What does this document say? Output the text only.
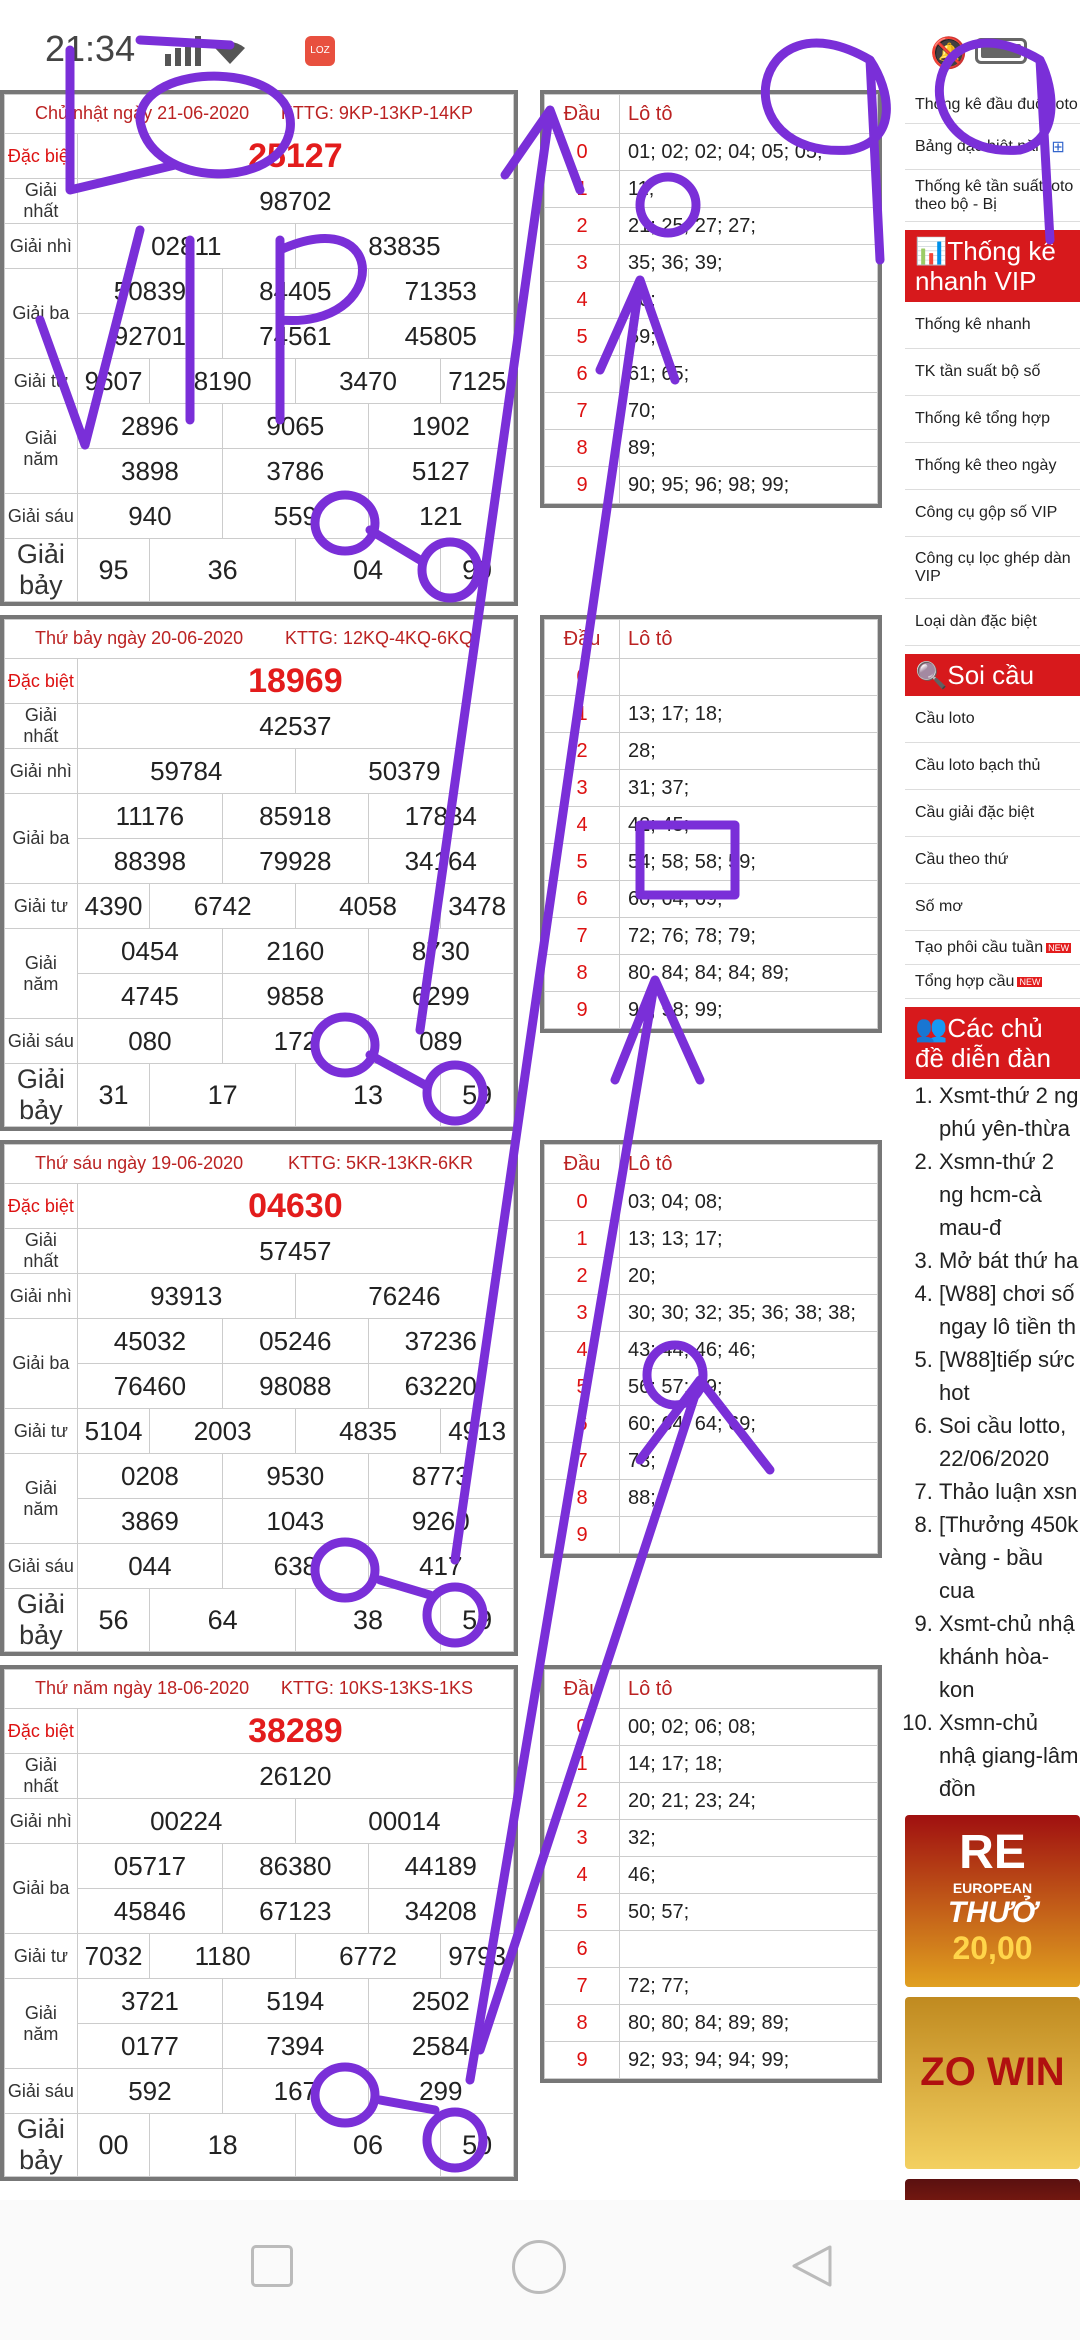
21:34	LOZ	🔕
Chủ nhật ngày 21-06-2020 KTTG: 9KP-13KP-14KP						

Đặc biệt	25127					
Giải nhất	98702					
Giải nhì	02811			83835		
Giải ba	50839		84405		71353	
	92701		74561		45805	
Giải tư	9607	8190		3470		7125
Giải năm	2896		9065		1902	
	3898		3786		5127	
Giải sáu	940		559		121	
Giải bảy	95	36		04		99
Thứ bảy ngày 20-06-2020 KTTG: 12KQ-4KQ-6KQ						

Đặc biệt	18969					
Giải nhất	42537					
Giải nhì	59784			50379		
Giải ba	11176		85918		17884	
	88398		79928		34164	
Giải tư	4390	6742		4058		3478
Giải năm	0454		2160		8730	
	4745		9858		6299	
Giải sáu	080		172		089	
Giải bảy	31	17		13		59
Thứ sáu ngày 19-06-2020 KTTG: 5KR-13KR-6KR						

Đặc biệt	04630					
Giải nhất	57457					
Giải nhì	93913			76246		
Giải ba	45032		05246		37236	
	76460		98088		63220	
Giải tư	5104	2003		4835		4913
Giải năm	0208		9530		8773	
	3869		1043		9260	
Giải sáu	044		638		417	
Giải bảy	56	64		38		59
Thứ năm ngày 18-06-2020 KTTG: 10KS-13KS-1KS						

Đặc biệt	38289					
Giải nhất	26120					
Giải nhì	00224			00014		
Giải ba	05717		86380		44189	
	45846		67123		34208	
Giải tư	7032	1180		6772		9793
Giải năm	3721		5194		2502	
	0177		7394		2584	
Giải sáu	592		167		299	
Giải bảy	00	18		06		50
Đầu	Lô tô
0	01; 02; 02; 04; 05; 05;
1	11;
2	21; 25; 27; 27;
3	35; 36; 39;
4	40;
5	59;
6	61; 65;
7	70;
8	89;
9	90; 95; 96; 98; 99;
Đầu	Lô tô
0	
1	13; 17; 18;
2	28;
3	31; 37;
4	42; 45;
5	54; 58; 58; 59;
6	60; 64; 69;
7	72; 76; 78; 79;
8	80; 84; 84; 84; 89;
9	90; 98; 99;
Đầu	Lô tô
0	03; 04; 08;
1	13; 13; 17;
2	20;
3	30; 30; 32; 35; 36; 38; 38;
4	43; 44; 46; 46;
5	56; 57; 59;
6	60; 64; 64; 69;
7	73;
8	88;
9	
Đầu	Lô tô
0	00; 02; 06; 08;
1	14; 17; 18;
2	20; 21; 23; 24;
3	32;
4	46;
5	50; 57;
6	
7	72; 77;
8	80; 80; 84; 89; 89;
9	92; 93; 94; 94; 99;
Thống kê đầu đuôi loto
Bảng đặc biệt năm ⊞
Thống kê tần suất loto theo bộ - Bị
📊Thống kê nhanh VIP
Thống kê nhanh
TK tần suất bộ số
Thống kê tổng hợp
Thống kê theo ngày
Công cụ gộp số VIP
Công cụ lọc ghép dàn VIP
Loại dàn đặc biệt
🔍Soi cầu
Cầu loto
Cầu loto bạch thủ
Cầu giải đặc biệt
Cầu theo thứ
Số mơ
Tạo phôi cầu tuần NEW
Tổng hợp cầu NEW
👥Các chủ đề diễn đàn
1. Xsmt-thứ 2 ng phú yên-thừa
2. Xsmn-thứ 2 ng hcm-cà mau-đ
3. Mở bát thứ ha
4. [W88] chơi số ngay lô tiền th
5. [W88]tiếp sức hot
6. Soi cầu lotto, 22/06/2020
7. Thảo luận xsn
8. [Thưởng 450k vàng - bầu cua
9. Xsmt-chủ nhậ khánh hòa-kon
10. Xsmn-chủ nhậ giang-lâm đồn
RE
EUROPEAN
THƯỞ
20,00
ZO WIN
